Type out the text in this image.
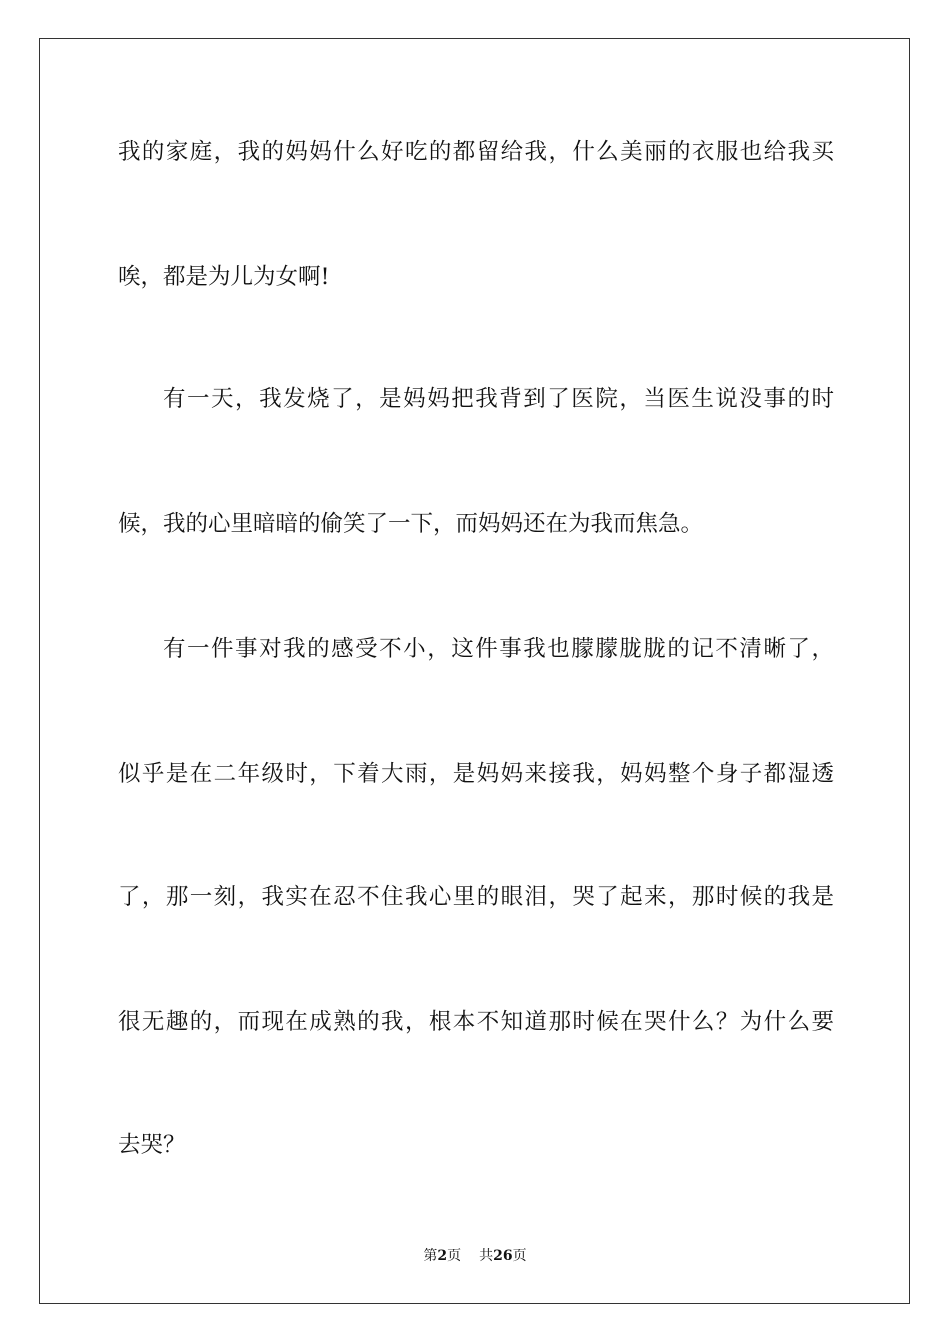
我的家庭，我的妈妈什么好吃的都留给我，什么美丽的衣服也给我买

唉，都是为儿为女啊!

有一天，我发烧了，是妈妈把我背到了医院，当医生说没事的时

候，我的心里暗暗的偷笑了一下，而妈妈还在为我而焦急。

有一件事对我的感受不小，这件事我也朦朦胧胧的记不清晰了，

似乎是在二年级时，下着大雨，是妈妈来接我，妈妈整个身子都湿透

了，那一刻，我实在忍不住我心里的眼泪，哭了起来，那时候的我是

很无趣的，而现在成熟的我，根本不知道那时候在哭什么？为什么要

去哭？

第2页 共26页
